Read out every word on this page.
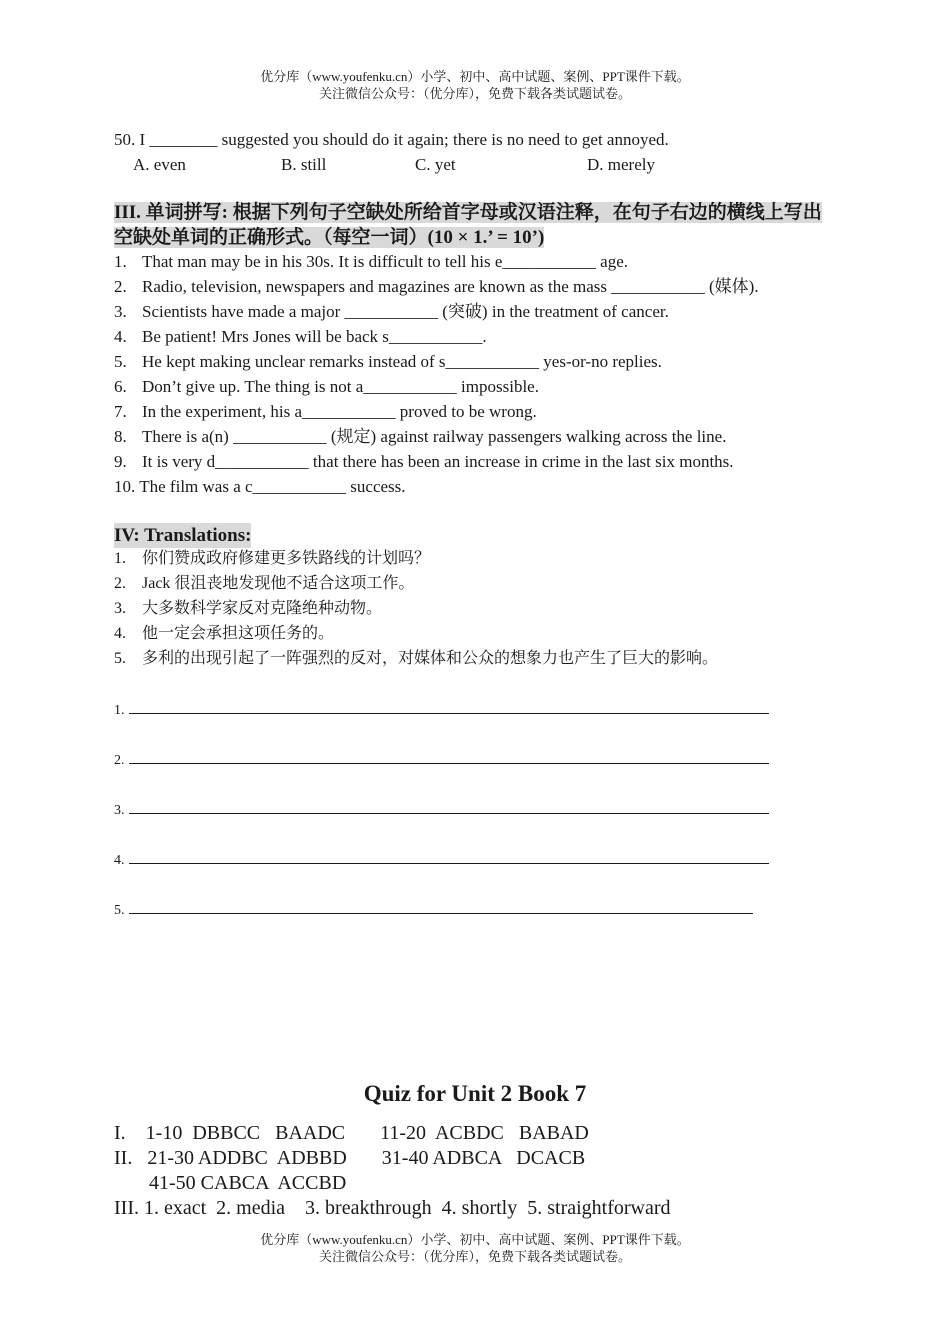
优分库（www.youfenku.cn）小学、初中、高中试题、案例、PPT课件下载。
关注微信公众号：（优分库），免费下载各类试题试卷。
50. I ________ suggested you should do it again; there is no need to get annoyed.
A. even	B. still	C. yet	D. merely
III. 单词拼写: 根据下列句子空缺处所给首字母或汉语注释，在句子右边的横线上写出空缺处单词的正确形式。（每空一词）(10 × 1.’ = 10’)
1. That man may be in his 30s. It is difficult to tell his e___________ age.
2. Radio, television, newspapers and magazines are known as the mass ___________ (媒体).
3. Scientists have made a major ___________ (突破) in the treatment of cancer.
4. Be patient! Mrs Jones will be back s___________.
5. He kept making unclear remarks instead of s___________ yes-or-no replies.
6. Don’t give up. The thing is not a___________ impossible.
7. In the experiment, his a___________ proved to be wrong.
8. There is a(n) ___________ (规定) against railway passengers walking across the line.
9. It is very d___________ that there has been an increase in crime in the last six months.
10. The film was a c___________ success.
IV: Translations:
1.	你们赞成政府修建更多铁路线的计划吗？
2.	Jack 很沮丧地发现他不适合这项工作。
3.	大多数科学家反对克隆绝种动物。
4.	他一定会承担这项任务的。
5.	多利的出现引起了一阵强烈的反对，对媒体和公众的想象力也产生了巨大的影响。
1.
2.
3.
4.
5.
Quiz for Unit 2 Book 7
I.    1-10  DBBCC   BAADC       11-20  ACBDC   BABAD
II.   21-30 ADDBC  ADBBD       31-40 ADBCA   DCACB
41-50 CABCA  ACCBD
III. 1. exact  2. media    3. breakthrough  4. shortly  5. straightforward
优分库（www.youfenku.cn）小学、初中、高中试题、案例、PPT课件下载。
关注微信公众号：（优分库），免费下载各类试题试卷。
